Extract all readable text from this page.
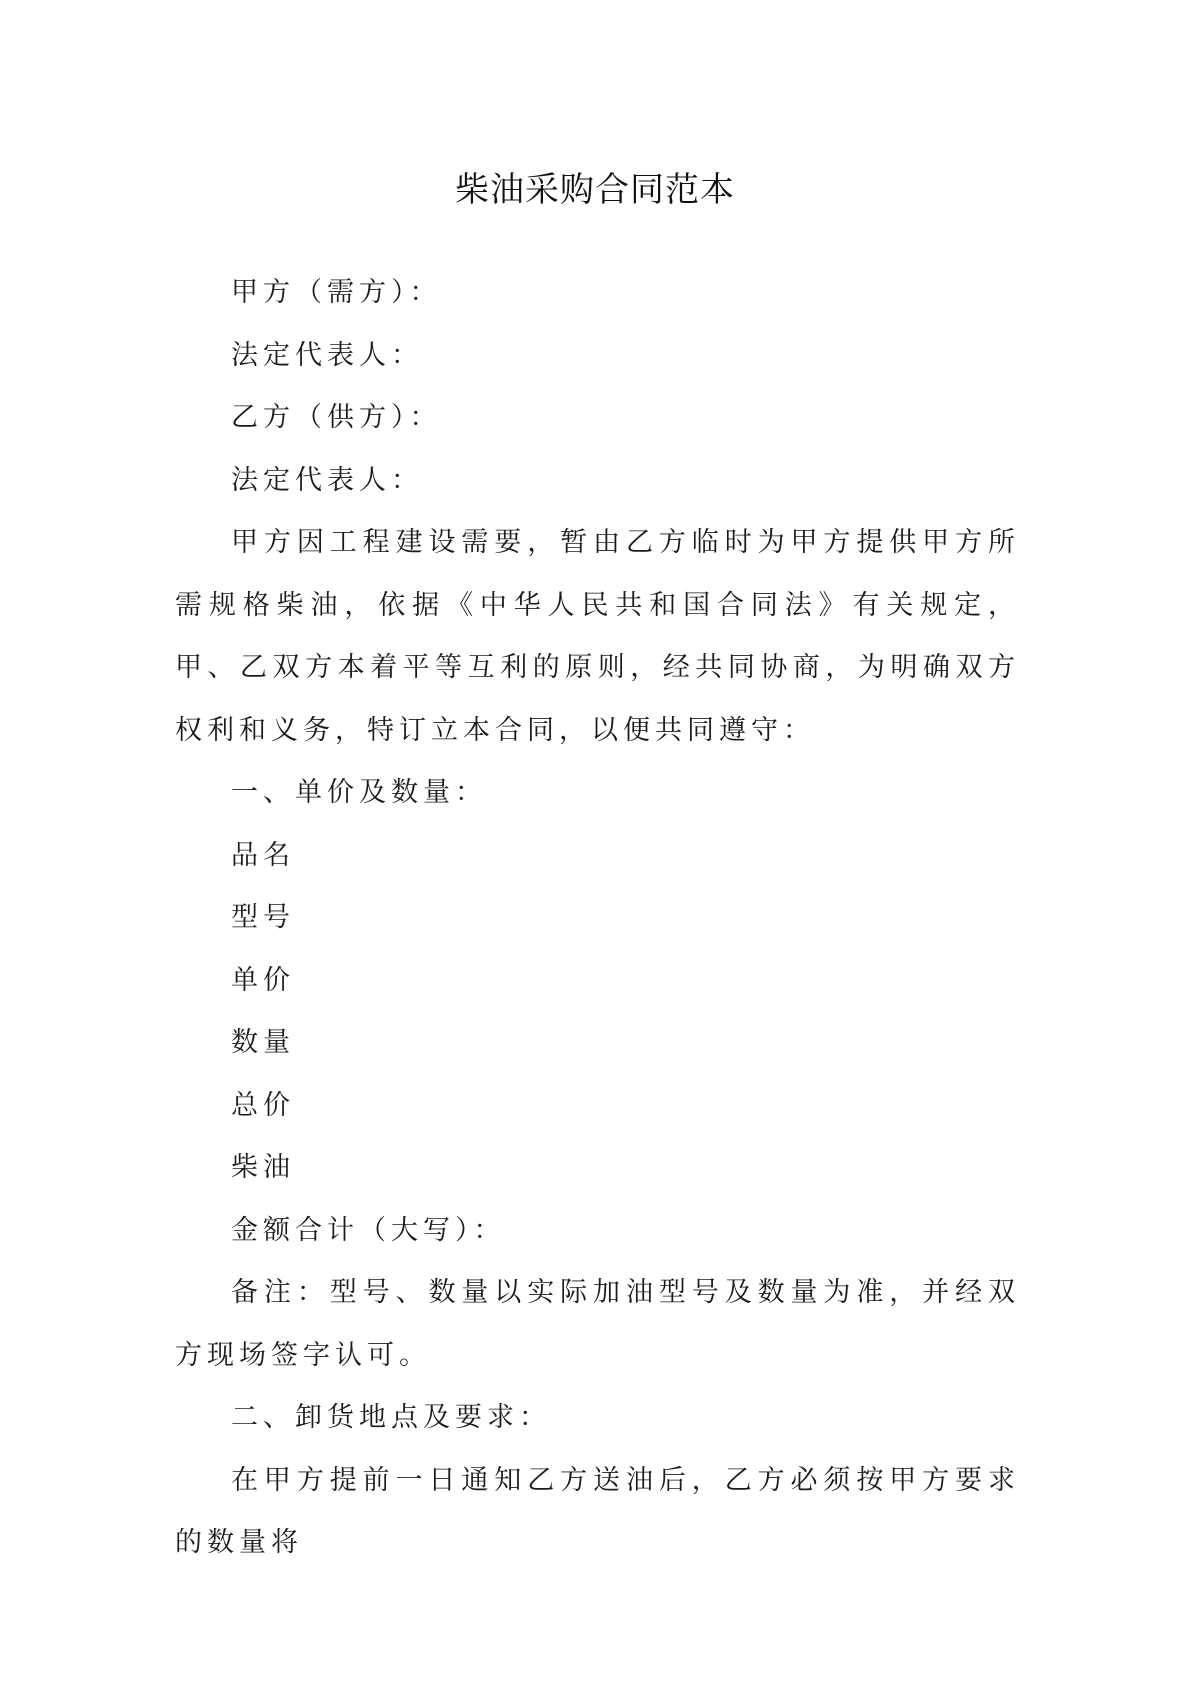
柴油采购合同范本

甲方（需方）：

法定代表人：

乙方（供方）：

法定代表人：

甲方因工程建设需要，暂由乙方临时为甲方提供甲方所需规格柴油，依据《中华人民共和国合同法》有关规定，甲、乙双方本着平等互利的原则，经共同协商，为明确双方权利和义务，特订立本合同，以便共同遵守：

一、单价及数量：

品名

型号

单价

数量

总价

柴油

金额合计（大写）：

备注：型号、数量以实际加油型号及数量为准，并经双方现场签字认可。

二、卸货地点及要求：

在甲方提前一日通知乙方送油后，乙方必须按甲方要求的数量将
